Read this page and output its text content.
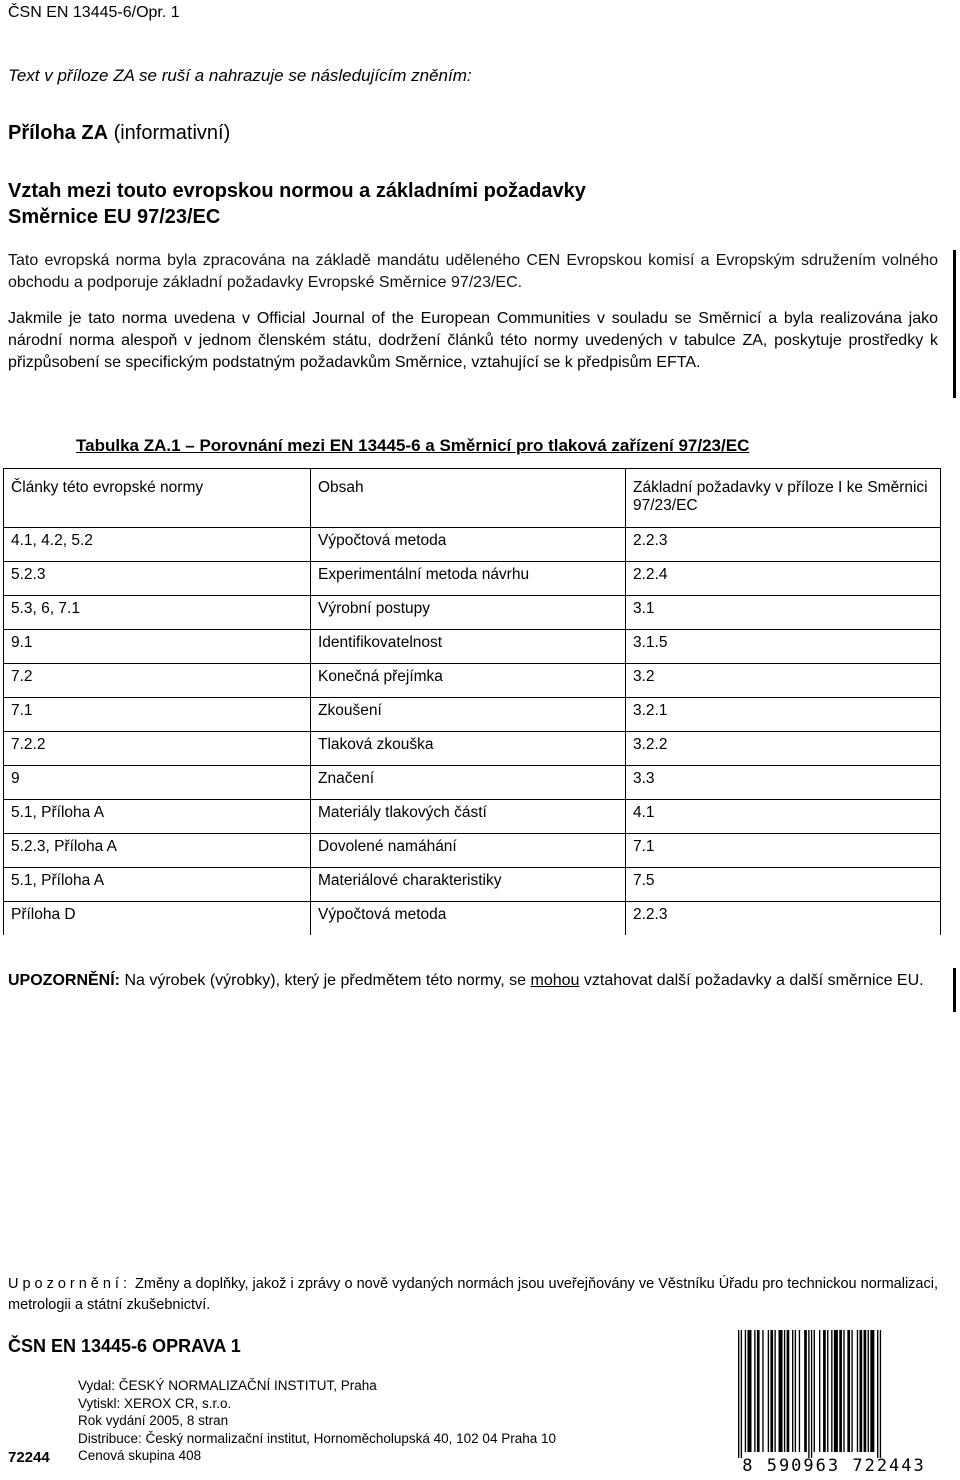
ČSN EN 13445-6/Opr. 1
Text v příloze ZA se ruší a nahrazuje se následujícím zněním:
Příloha ZA (informativní)
Vztah mezi touto evropskou normou a základními požadavky
Směrnice EU 97/23/EC
Tato evropská norma byla zpracována na základě mandátu uděleného CEN Evropskou komisí a Evropským sdružením volného obchodu a podporuje základní požadavky Evropské Směrnice 97/23/EC.
Jakmile je tato norma uvedena v Official Journal of the European Communities v souladu se Směrnicí a byla realizována jako národní norma alespoň v jednom členském státu, dodržení článků této normy uvedených v tabulce ZA, poskytuje prostředky k přizpůsobení se specifickým podstatným požadavkům Směrnice, vztahující se k předpisům EFTA.
Tabulka ZA.1 – Porovnání mezi EN 13445-6 a Směrnicí pro tlaková zařízení 97/23/EC
Články této evropské normy	Obsah	Základní požadavky v příloze I ke Směrnici 97/23/EC
4.1, 4.2, 5.2	Výpočtová metoda	2.2.3
5.2.3	Experimentální metoda návrhu	2.2.4
5.3, 6, 7.1	Výrobní postupy	3.1
9.1	Identifikovatelnost	3.1.5
7.2	Konečná přejímka	3.2
7.1	Zkoušení	3.2.1
7.2.2	Tlaková zkouška	3.2.2
9	Značení	3.3
5.1, Příloha A	Materiály tlakových částí	4.1
5.2.3, Příloha A	Dovolené namáhání	7.1
5.1, Příloha A	Materiálové charakteristiky	7.5
Příloha D	Výpočtová metoda	2.2.3
UPOZORNĚNÍ: Na výrobek (výrobky), který je předmětem této normy, se mohou vztahovat další požadavky a další směrnice EU.
Upozornění: Změny a doplňky, jakož i zprávy o nově vydaných normách jsou uveřejňovány ve Věstníku Úřadu pro technickou normalizaci, metrologii a státní zkušebnictví.
ČSN EN 13445-6 OPRAVA 1
Vydal: ČESKÝ NORMALIZAČNÍ INSTITUT, Praha
Vytiskl: XEROX CR, s.r.o.
Rok vydání 2005, 8 stran
Distribuce: Český normalizační institut, Hornoměcholupská 40, 102 04 Praha 10
Cenová skupina 408
72244	8 590963 722443
